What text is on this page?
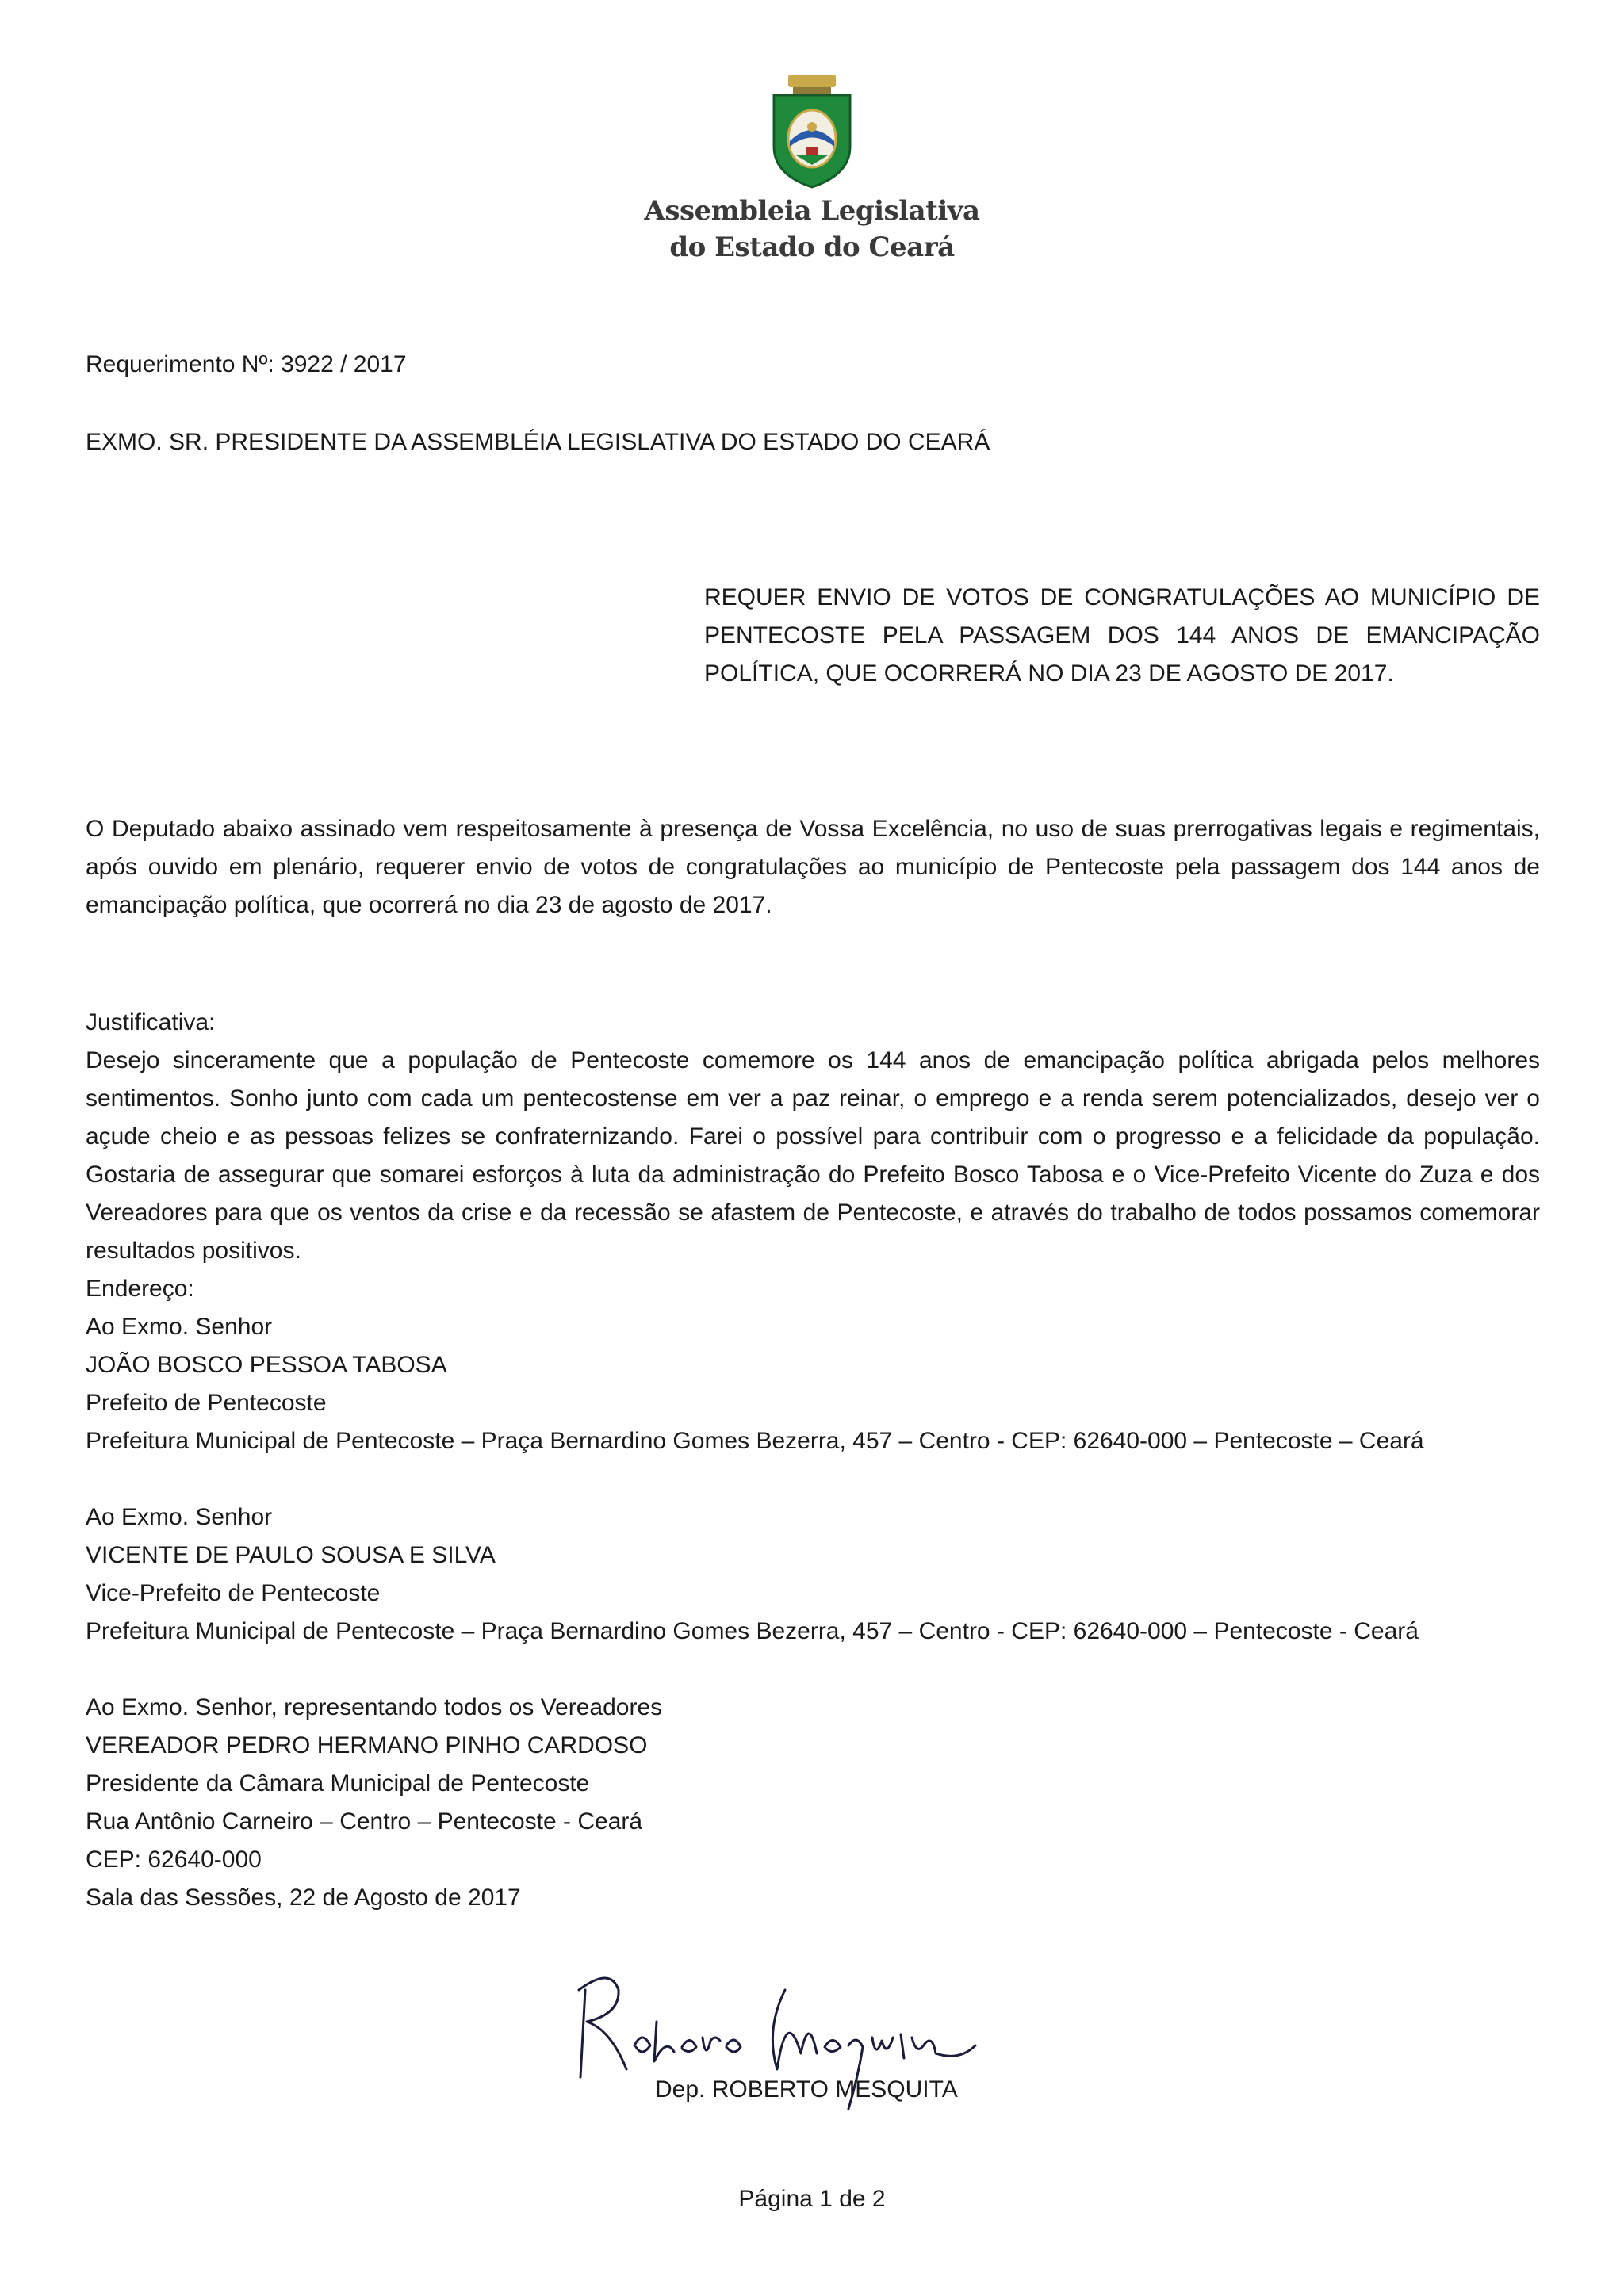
Assembleia Legislativa
do Estado do Ceará
Requerimento Nº: 3922 / 2017
EXMO. SR. PRESIDENTE DA ASSEMBLÉIA LEGISLATIVA DO ESTADO DO CEARÁ
REQUER ENVIO DE VOTOS DE CONGRATULAÇÕES AO MUNICÍPIO DE PENTECOSTE PELA PASSAGEM DOS 144 ANOS DE EMANCIPAÇÃO POLÍTICA, QUE OCORRERÁ NO DIA 23 DE AGOSTO DE 2017.
O Deputado abaixo assinado vem respeitosamente à presença de Vossa Excelência, no uso de suas prerrogativas legais e regimentais, após ouvido em plenário, requerer envio de votos de congratulações ao município de Pentecoste pela passagem dos 144 anos de emancipação política, que ocorrerá no dia 23 de agosto de 2017.
Justificativa:
Desejo sinceramente que a população de Pentecoste comemore os 144 anos de emancipação política abrigada pelos melhores sentimentos. Sonho junto com cada um pentecostense em ver a paz reinar, o emprego e a renda serem potencializados, desejo ver o açude cheio e as pessoas felizes se confraternizando. Farei o possível para contribuir com o progresso e a felicidade da população. Gostaria de assegurar que somarei esforços à luta da administração do Prefeito Bosco Tabosa e o Vice-Prefeito Vicente do Zuza e dos Vereadores para que os ventos da crise e da recessão se afastem de Pentecoste, e através do trabalho de todos possamos comemorar resultados positivos.
Endereço:
Ao Exmo. Senhor
JOÃO BOSCO PESSOA TABOSA
Prefeito de Pentecoste
Prefeitura Municipal de Pentecoste – Praça Bernardino Gomes Bezerra, 457 – Centro - CEP: 62640-000 – Pentecoste – Ceará
Ao Exmo. Senhor
VICENTE DE PAULO SOUSA E SILVA
Vice-Prefeito de Pentecoste
Prefeitura Municipal de Pentecoste – Praça Bernardino Gomes Bezerra, 457 – Centro - CEP: 62640-000 – Pentecoste - Ceará
Ao Exmo. Senhor, representando todos os Vereadores
VEREADOR PEDRO HERMANO PINHO CARDOSO
Presidente da Câmara Municipal de Pentecoste
Rua Antônio Carneiro – Centro – Pentecoste - Ceará
CEP: 62640-000
Sala das Sessões, 22 de Agosto de 2017
Dep. ROBERTO MESQUITA
Página 1 de 2
